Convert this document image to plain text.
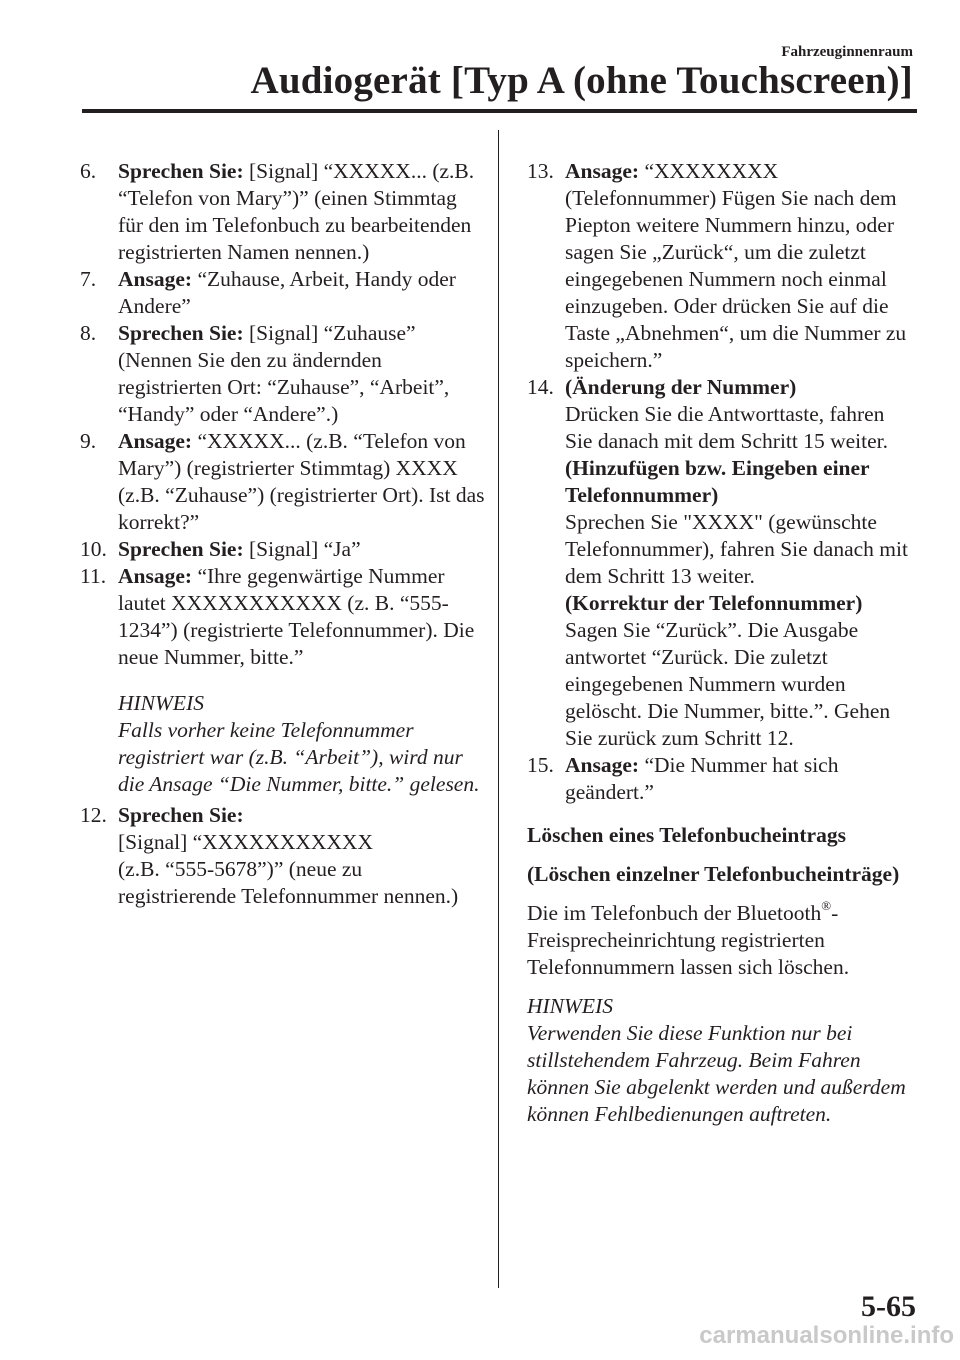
Fahrzeuginnenraum
Audiogerät [Typ A (ohne Touchscreen)]
6. Sprechen Sie: [Signal] “XXXXX... (z.B. “Telefon von Mary”)” (einen Stimmtag für den im Telefonbuch zu bearbeitenden registrierten Namen nennen.)
7. Ansage: “Zuhause, Arbeit, Handy oder Andere”
8. Sprechen Sie: [Signal] “Zuhause” (Nennen Sie den zu ändernden registrierten Ort: “Zuhause”, “Arbeit”, “Handy” oder “Andere”.)
9. Ansage: “XXXXX... (z.B. “Telefon von Mary”) (registrierter Stimmtag) XXXX (z.B. “Zuhause”) (registrierter Ort). Ist das korrekt?”
10. Sprechen Sie: [Signal] “Ja”
11. Ansage: “Ihre gegenwärtige Nummer lautet XXXXXXXXXXX (z. B. “555-1234”) (registrierte Telefonnummer). Die neue Nummer, bitte.”
HINWEIS
Falls vorher keine Telefonnummer registriert war (z.B. “Arbeit”), wird nur die Ansage “Die Nummer, bitte.” gelesen.
12. Sprechen Sie:
[Signal] “XXXXXXXXXXX
(z.B. “555-5678”)” (neue zu registrierende Telefonnummer nennen.)
13. Ansage: “XXXXXXXX (Telefonnummer) Fügen Sie nach dem Piepton weitere Nummern hinzu, oder sagen Sie „Zurück“, um die zuletzt eingegebenen Nummern noch einmal einzugeben. Oder drücken Sie auf die Taste „Abnehmen“, um die Nummer zu speichern.”
14. (Änderung der Nummer)
Drücken Sie die Antworttaste, fahren Sie danach mit dem Schritt 15 weiter.
(Hinzufügen bzw. Eingeben einer Telefonnummer)
Sprechen Sie "XXXX" (gewünschte Telefonnummer), fahren Sie danach mit dem Schritt 13 weiter.
(Korrektur der Telefonnummer)
Sagen Sie “Zurück”. Die Ausgabe antwortet “Zurück. Die zuletzt eingegebenen Nummern wurden gelöscht. Die Nummer, bitte.”. Gehen Sie zurück zum Schritt 12.
15. Ansage: “Die Nummer hat sich geändert.”
Löschen eines Telefonbucheintrags
(Löschen einzelner Telefonbucheinträge)
Die im Telefonbuch der Bluetooth®-Freisprecheinrichtung registrierten Telefonnummern lassen sich löschen.
HINWEIS
Verwenden Sie diese Funktion nur bei stillstehendem Fahrzeug. Beim Fahren können Sie abgelenkt werden und außerdem können Fehlbedienungen auftreten.
5-65
carmanualsonline.info
